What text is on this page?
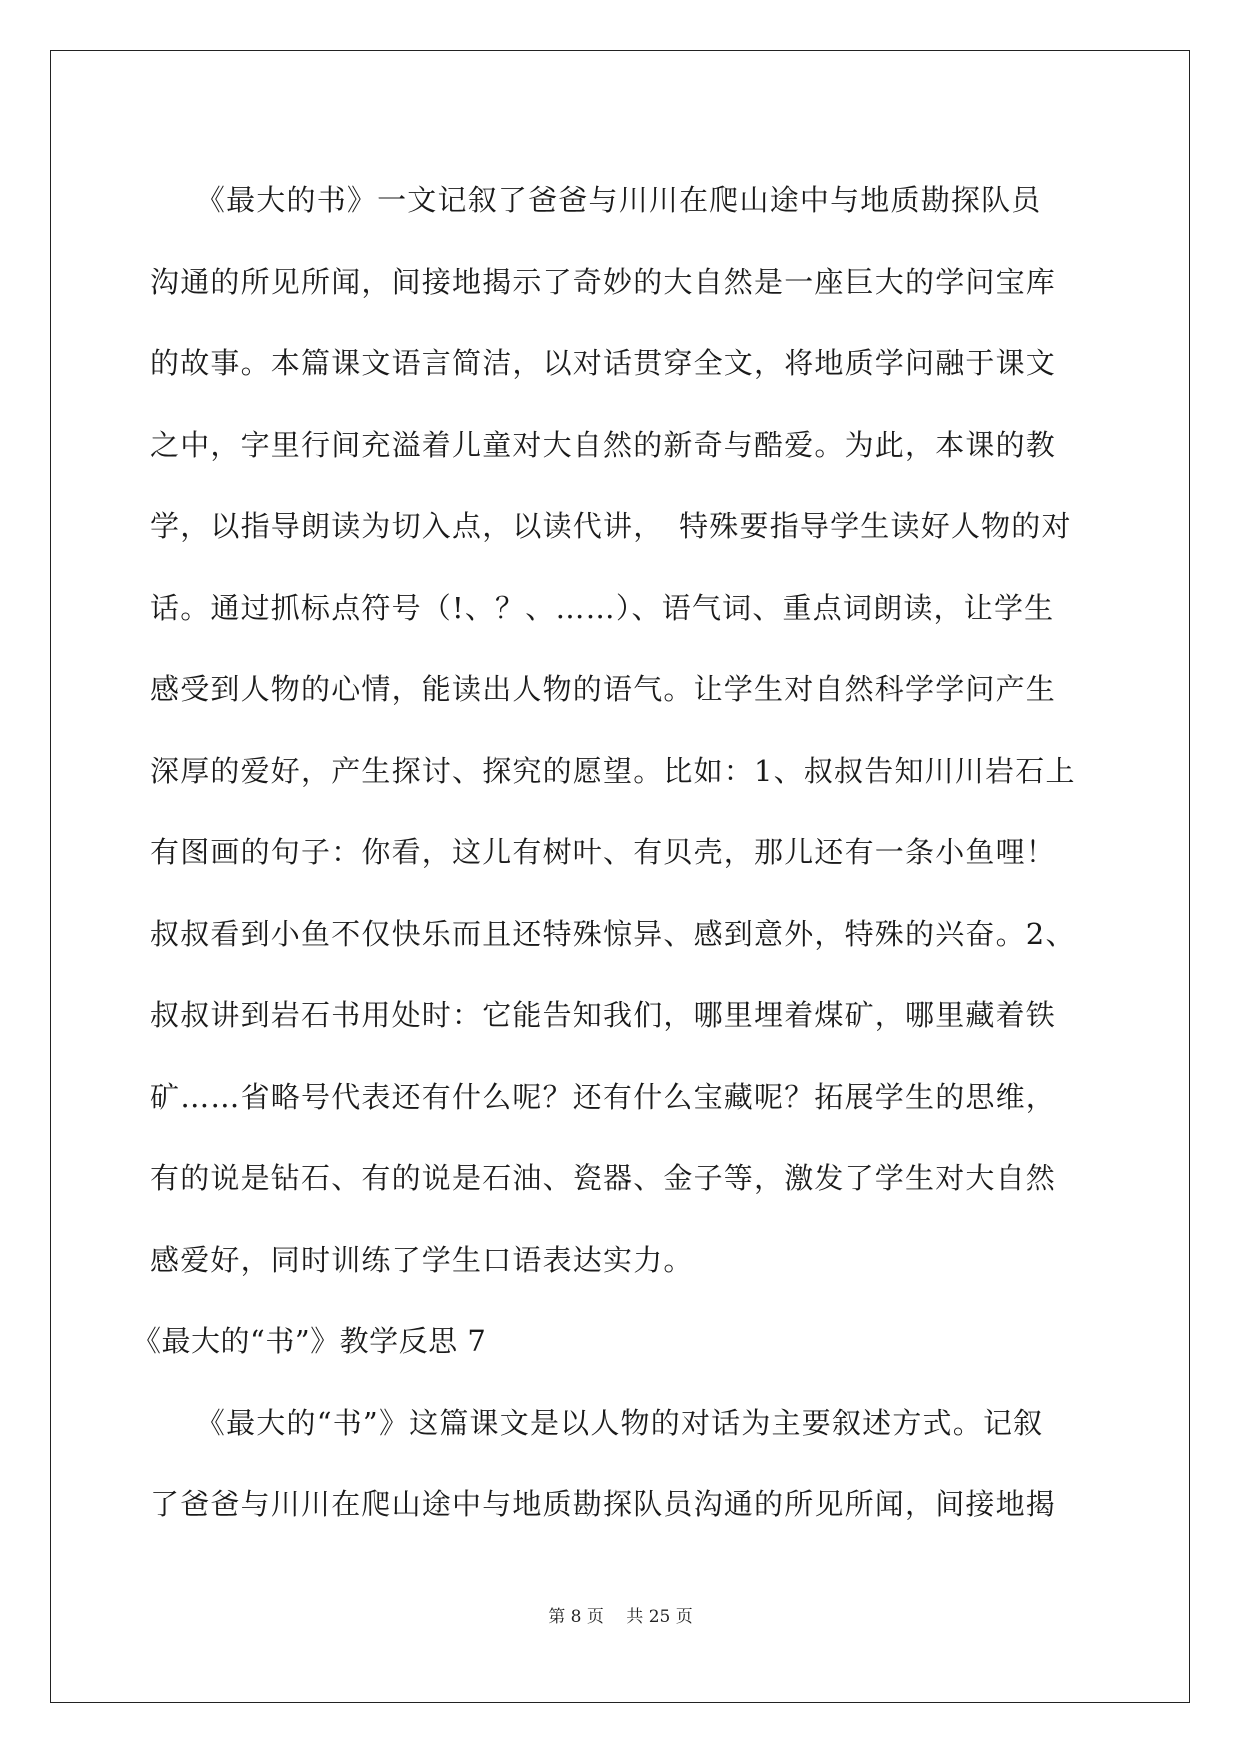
　　《最大的书》一文记叙了爸爸与川川在爬山途中与地质勘探队员
沟通的所见所闻，间接地揭示了奇妙的大自然是一座巨大的学问宝库
的故事。本篇课文语言简洁，以对话贯穿全文，将地质学问融于课文
之中，字里行间充溢着儿童对大自然的新奇与酷爱。为此，本课的教
学，以指导朗读为切入点，以读代讲，　特殊要指导学生读好人物的对
话。通过抓标点符号（!、？、……）、语气词、重点词朗读，让学生
感受到人物的心情，能读出人物的语气。让学生对自然科学学问产生
深厚的爱好，产生探讨、探究的愿望。比如：1、叔叔告知川川岩石上
有图画的句子：你看，这儿有树叶、有贝壳，那儿还有一条小鱼哩！
叔叔看到小鱼不仅快乐而且还特殊惊异、感到意外，特殊的兴奋。2、
叔叔讲到岩石书用处时：它能告知我们，哪里埋着煤矿，哪里藏着铁
矿……省略号代表还有什么呢？还有什么宝藏呢？拓展学生的思维，
有的说是钻石、有的说是石油、瓷器、金子等，激发了学生对大自然
感爱好，同时训练了学生口语表达实力。
《最大的“书”》教学反思 7
　　《最大的“书”》这篇课文是以人物的对话为主要叙述方式。记叙
了爸爸与川川在爬山途中与地质勘探队员沟通的所见所闻，间接地揭
第 8 页　 共 25 页
